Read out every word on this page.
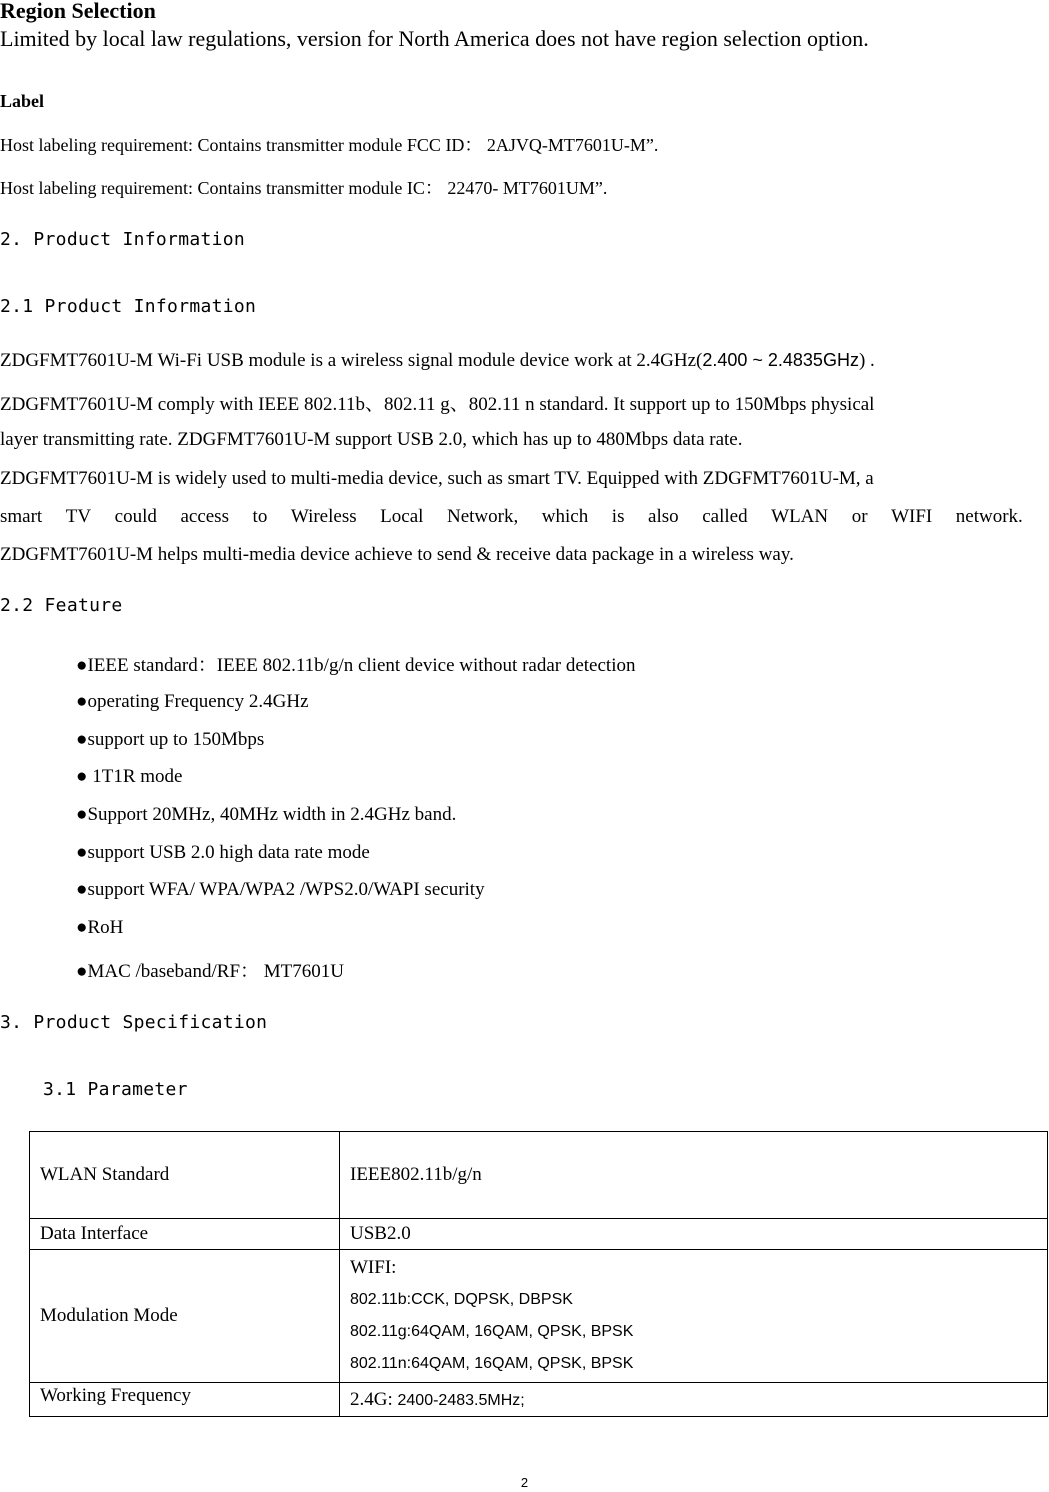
Region Selection
Limited by local law regulations, version for North America does not have region selection option.
Label
Host labeling requirement: Contains transmitter module FCC ID： 2AJVQ-MT7601U-M”.
Host labeling requirement: Contains transmitter module IC： 22470- MT7601UM”.
2. Product Information
2.1 Product Information
ZDGFMT7601U-M Wi-Fi USB module is a wireless signal module device work at 2.4GHz(2.400 ~ 2.4835GHz) .
ZDGFMT7601U-M comply with IEEE 802.11b、802.11 g、802.11 n standard. It support up to 150Mbps physical
layer transmitting rate. ZDGFMT7601U-M support USB 2.0, which has up to 480Mbps data rate.
ZDGFMT7601U-M is widely used to multi-media device, such as smart TV. Equipped with ZDGFMT7601U-M, a
smart TV could access to Wireless Local Network, which is also called WLAN or WIFI network.
ZDGFMT7601U-M helps multi-media device achieve to send & receive data package in a wireless way.
2.2 Feature
●IEEE standard：IEEE 802.11b/g/n client device without radar detection
●operating Frequency 2.4GHz
●support up to 150Mbps
● 1T1R mode
●Support 20MHz, 40MHz width in 2.4GHz band.
●support USB 2.0 high data rate mode
●support WFA/ WPA/WPA2 /WPS2.0/WAPI security
●RoH
●MAC /baseband/RF： MT7601U
3. Product Specification
3.1 Parameter
WLAN Standard	IEEE802.11b/g/n
Data Interface	USB2.0
Modulation Mode	WIFI:
802.11b:CCK, DQPSK, DBPSK
802.11g:64QAM, 16QAM, QPSK, BPSK
802.11n:64QAM, 16QAM, QPSK, BPSK

Working Frequency	2.4G: 2400-2483.5MHz;
2
